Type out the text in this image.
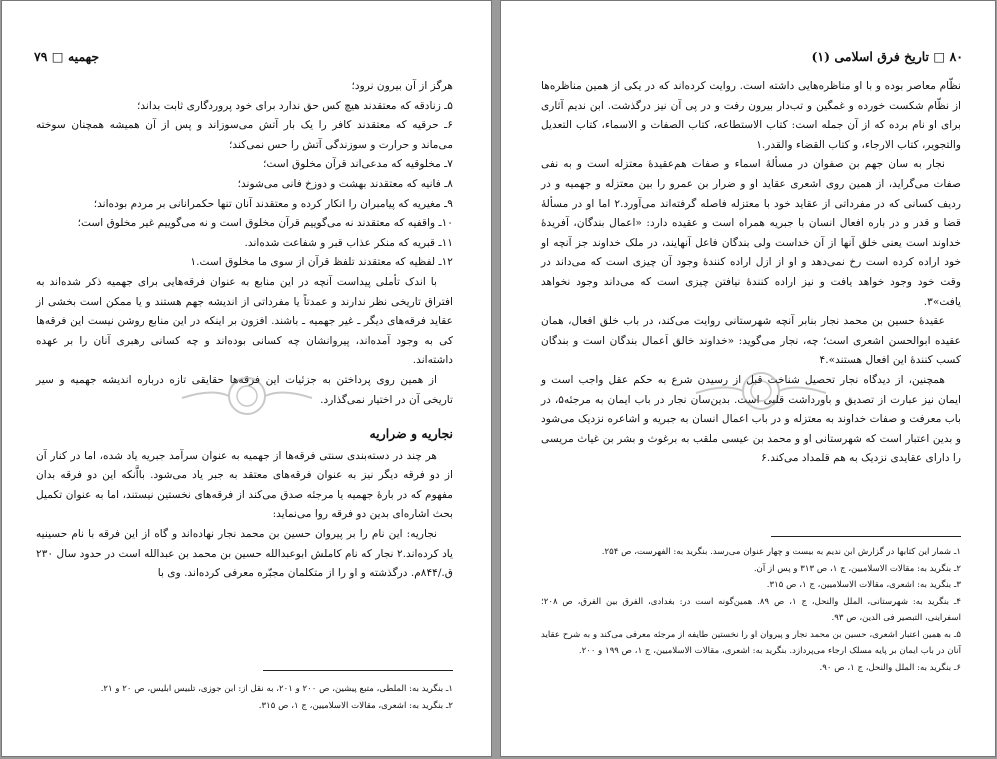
جهمیه □ ۷۹

هرگز از آن بیرون نرود؛

۵ـ زنادقه که معتقدند هیچ کس حق ندارد برای خود پروردگاری ثابت بداند؛

۶ـ حرقیه که معتقدند کافر را یک بار آتش می‌سوزاند و پس از آن همیشه همچنان سوخته می‌ماند و حرارت و سوزندگی آتش را حس نمی‌کند؛

۷ـ مخلوقیه که مدعی‌اند قرآن مخلوق است؛

۸ـ فانیه که معتقدند بهشت و دوزخ فانی می‌شوند؛

۹ـ مغیریه که پیامبران را انکار کرده و معتقدند آنان تنها حکمرانانی بر مردم بوده‌اند؛

۱۰ـ واقفیه که معتقدند نه می‌گوییم قرآن مخلوق است و نه می‌گوییم غیر مخلوق است؛

۱۱ـ قبریه که منکر عذاب قبر و شفاعت شده‌اند.

۱۲ـ لفظیه که معتقدند تلفظ قرآن از سوی ما مخلوق است.۱

با اندک تأملی پیداست آنچه در این منابع به عنوان فرقه‌هایی برای جهمیه ذکر شده‌اند به افتراق تاریخی نظر ندارند و عمدتاً یا مفرداتی از اندیشه جهم هستند و یا ممکن است بخشی از عقاید فرقه‌های دیگر ـ غیر جهمیه ـ باشند. افزون بر اینکه در این منابع روشن نیست این فرقه‌ها کی به وجود آمده‌اند، پیروانشان چه کسانی بوده‌اند و چه کسانی رهبری آنان را بر عهده داشته‌اند.

از همین روی پرداختن به جزئیات این فرقه‌ها حقایقی تازه درباره اندیشه جهمیه و سیر تاریخی آن در اختیار نمی‌گذارد.

نجاریه و ضراریه

هر چند در دسته‌بندی سنتی فرقه‌ها از جهمیه به عنوان سرآمد جبریه یاد شده، اما در کنار آن از دو فرقه دیگر نیز به عنوان فرقه‌های معتقد به جبر یاد می‌شود. بااَّنکه این دو فرقه بدان مفهوم که در بارهٔ جهمیه یا مرجئه صدق می‌کند از فرقه‌های نخستین نیستند، اما به عنوان تکمیل بحث اشاره‌ای بدین دو فرقه روا می‌نماید:

نجاریه: این نام را بر پیروان حسین بن محمد نجار نهاده‌اند و گاه از این فرقه با نام حسینیه یاد کرده‌اند.۲ نجار که نام کاملش ابوعبدالله حسین بن محمد بن عبدالله است در حدود سال ۲۳۰ ق./۸۴۴م. درگذشته و او را از متکلمان مجبّره معرفی کرده‌اند. وی با

۱ـ بنگرید به: الملطی، متبع پیشین، ص ۲۰۰ و ۲۰۱، به نقل از: ابن جوزی، تلبیس ابلیس، ص ۲۰ و ۲۱.

۲ـ بنگرید به: اشعری، مقالات الاسلامیین، ج ۱، ص ۳۱۵.

۸۰ □ تاریخ فرق اسلامی (۱)

نظّام معاصر بوده و با او مناظره‌هایی داشته است. روایت کرده‌اند که در یکی از همین مناظره‌ها از نظّام شکست خورده و غمگین و تب‌دار بیرون رفت و در پی آن نیز درگذشت. ابن ندیم آثاری برای او نام برده که از آن جمله است: کتاب الاستطاعه، کتاب الصفات و الاسماء، کتاب التعدیل والتجویر، کتاب الارجاء، و کتاب القضاء والقدر.۱

نجار به سان جهم بن صفوان در مسألهٔ اسماء و صفات هم‌عقیدهٔ معتزله است و به نفی صفات می‌گراید، از همین روی اشعری عقاید او و ضرار بن عمرو را بین معتزله و جهمیه و در ردیف کسانی که در مفرداتی از عقاید خود با معتزله فاصله گرفته‌اند می‌آورد.۲ اما او در مسألهٔ قضا و قدر و در باره افعال انسان با جبریه همراه است و عقیده دارد: «اعمال بندگان، آفریدهٔ خداوند است یعنی خلق آنها از آن خداست ولی بندگان فاعل آنهایند، در ملک خداوند جز آنچه او خود اراده کرده است رخ نمی‌دهد و او از ازل اراده کنندهٔ وجود آن چیزی است که می‌داند در وقت خود وجود خواهد یافت و نیز اراده کنندهٔ نیافتن چیزی است که می‌داند وجود نخواهد یافت»۳.

عقیدهٔ حسین بن محمد نجار بنابر آنچه شهرستانی روایت می‌کند، در باب خلق افعال، همان عقیده ابوالحسن اشعری است؛ چه، نجار می‌گوید: «خداوند خالق اَعمال بندگان است و بندگان کسب کنندهٔ این افعال هستند».۴

همچنین، از دیدگاه نجار تحصیل شناخت قبل از رسیدن شرع به حکم عقل واجب است و ایمان نیز عبارت از تصدیق و باورداشت قلبی است. بدین‌سان نجار در باب ایمان به مرجئه۵، در باب معرفت و صفات خداوند به معتزله و در باب اعمال انسان به جبریه و اشاعره نزدیک می‌شود و بدین اعتبار است که شهرستانی او و محمد بن عیسی ملقب به برغوث و بشر بن غیاث مریسی را دارای عقایدی نزدیک به هم قلمداد می‌کند.۶

۱ـ شمار این کتابها در گزارش ابن ندیم به بیست و چهار عنوان می‌رسد. بنگرید به: الفهرست، ص ۲۵۴.

۲ـ بنگرید به: مقالات الاسلامیین، ج ۱، ص ۳۱۳ و پس از آن.

۳ـ بنگرید به: اشعری، مقالات الاسلامیین، ج ۱، ص ۳۱۵.

۴ـ بنگرید به: شهرستانی، الملل والنحل، ج ۱، ص ۸۹. همین‌گونه است در: بغدادی، الفرق بین الفرق، ص ۲۰۸؛ اسفراینی، التبصیر فی الدین، ص ۹۳.

۵ـ به همین اعتبار اشعری، حسین بن محمد نجار و پیروان او را نخستین طایفه از مرجئه معرفی می‌کند و به شرح عقاید آنان در باب ایمان بر پایه مسلک ارجاء می‌پردازد. بنگرید به: اشعری، مقالات الاسلامیین، ج ۱، ص ۱۹۹ و ۲۰۰.

۶ـ بنگرید به: الملل والنحل، ج ۱، ص ۹۰.
